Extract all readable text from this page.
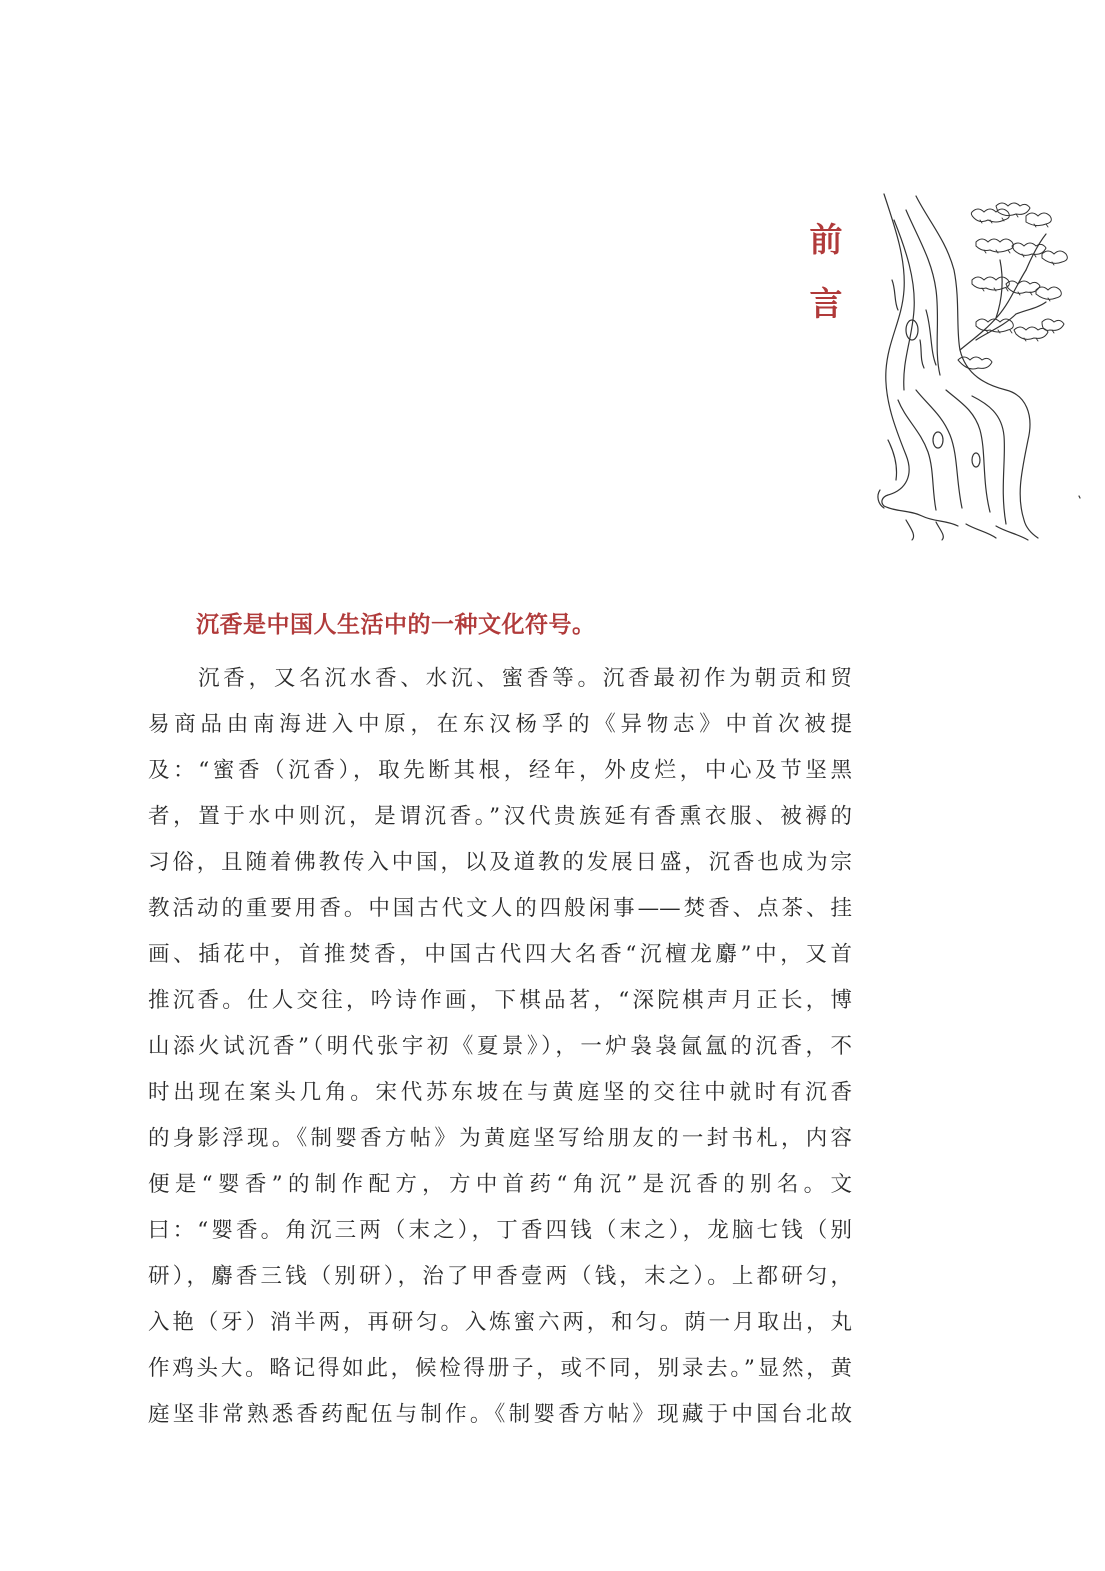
前
言
沉香是中国人生活中的一种文化符号。
沉香，又名沉水香、水沉、蜜香等。沉香最初作为朝贡和贸
易商品由南海进入中原，在东汉杨孚的《异物志》中首次被提
及：“蜜香（沉香），取先断其根，经年，外皮烂，中心及节坚黑
者，置于水中则沉，是谓沉香。”汉代贵族延有香熏衣服、被褥的
习俗，且随着佛教传入中国，以及道教的发展日盛，沉香也成为宗
教活动的重要用香。中国古代文人的四般闲事——焚香、点茶、挂
画、插花中，首推焚香，中国古代四大名香“沉檀龙麝”中，又首
推沉香。仕人交往，吟诗作画，下棋品茗，“深院棋声月正长，博
山添火试沉香”（明代张宇初《夏景》），一炉袅袅氤氲的沉香，不
时出现在案头几角。宋代苏东坡在与黄庭坚的交往中就时有沉香
的身影浮现。《制婴香方帖》为黄庭坚写给朋友的一封书札，内容
便是“婴香”的制作配方，方中首药“角沉”是沉香的别名。文
曰：“婴香。角沉三两（末之），丁香四钱（末之），龙脑七钱（别
研），麝香三钱（别研），治了甲香壹两（钱，末之）。上都研匀，
入艳（牙）消半两，再研匀。入炼蜜六两，和匀。荫一月取出，丸
作鸡头大。略记得如此，候检得册子，或不同，别录去。”显然，黄
庭坚非常熟悉香药配伍与制作。《制婴香方帖》现藏于中国台北故
